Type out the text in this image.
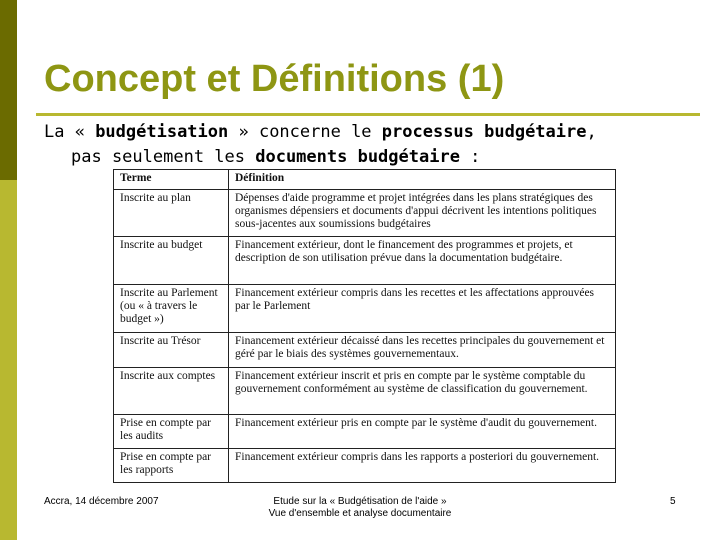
Concept et Définitions (1)
La « budgétisation » concerne le processus budgétaire,
pas seulement les documents budgétaire :
Terme	Définition
Inscrite au plan	Dépenses d'aide programme et projet intégrées dans les plans stratégiques des organismes dépensiers et documents d'appui décrivent les intentions politiques sous-jacentes aux soumissions budgétaires
Inscrite au budget	Financement extérieur, dont le financement des programmes et projets, et description de son utilisation prévue dans la documentation budgétaire.
Inscrite au Parlement (ou « à travers le budget »)	Financement extérieur compris dans les recettes et les affectations approuvées par le Parlement
Inscrite au Trésor	Financement extérieur décaissé dans les recettes principales du gouvernement et géré par le biais des systèmes gouvernementaux.
Inscrite aux comptes	Financement extérieur inscrit et pris en compte par le système comptable du gouvernement conformément au système de classification du gouvernement.
Prise en compte par les audits	Financement extérieur pris en compte par le système d'audit du gouvernement.
Prise en compte par les rapports	Financement extérieur compris dans les rapports a posteriori du gouvernement.
Accra, 14 décembre 2007	Etude sur la « Budgétisation de l'aide »
Vue d'ensemble et analyse documentaire
5
